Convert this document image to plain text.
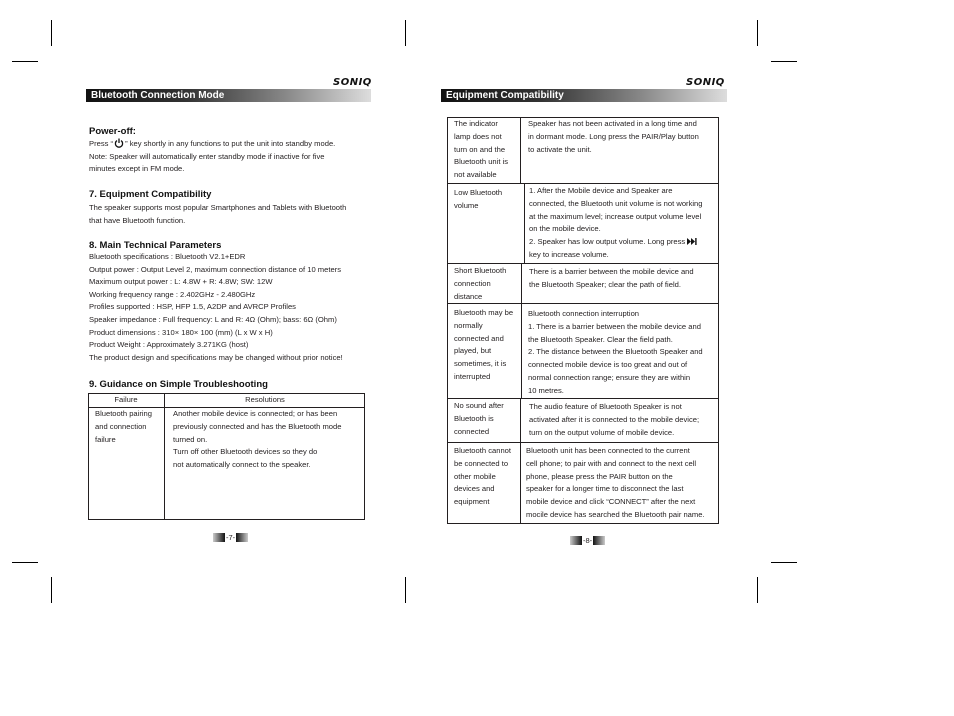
SONIQ
Bluetooth Connection Mode
Power-off:
Press “ ” key shortly in any functions to put the unit into standby mode.
Note: Speaker will automatically enter standby mode if inactive for five
minutes except in FM mode.
7. Equipment Compatibility
The speaker supports most popular Smartphones and Tablets with Bluetooth
that have Bluetooth function.
8. Main Technical Parameters
Bluetooth specifications : Bluetooth V2.1+EDR
Output power : Output Level 2, maximum connection distance of 10 meters
Maximum output power : L: 4.8W + R: 4.8W; SW: 12W
Working frequency range : 2.402GHz - 2.480GHz
Profiles supported : HSP, HFP 1.5, A2DP and AVRCP Profiles
Speaker impedance : Full frequency: L and R: 4Ω (Ohm); bass: 6Ω (Ohm)
Product dimensions : 310× 180× 100 (mm) (L x W x H)
Product Weight : Approximately 3.271KG (host)
The product design and specifications may be changed without prior notice!
9. Guidance on Simple Troubleshooting
Failure	Resolutions
Bluetooth pairing
and connection
failure
Another mobile device is connected; or has been
previously connected and has the Bluetooth mode
turned on.
Turn off other Bluetooth devices so they do
not automatically connect to the speaker.
-7-
SONIQ
Equipment Compatibility
The indicator
lamp does not
turn on and the
Bluetooth unit is
not available
Speaker has not been activated in a long time and
in dormant mode. Long press the PAIR/Play button
to activate the unit.
Low Bluetooth
volume
1. After the Mobile device and Speaker are
connected, the Bluetooth unit volume is not working
at the maximum level; increase output volume level
on the mobile device.
2. Speaker has low output volume. Long press
key to increase volume.
Short Bluetooth
connection
distance
There is a barrier between the mobile device and
the Bluetooth Speaker; clear the path of field.
Bluetooth may be
normally
connected and
played, but
sometimes, it is
interrupted
Bluetooth connection interruption
1. There is a barrier between the mobile device and
the Bluetooth Speaker. Clear the field path.
2. The distance between the Bluetooth Speaker and
connected mobile device is too great and out of
normal connection range; ensure they are within
10 metres.
No sound after
Bluetooth is
connected
The audio feature of Bluetooth Speaker is not
activated after it is connected to the mobile device;
turn on the output volume of mobile device.
Bluetooth cannot
be connected to
other mobile
devices and
equipment
Bluetooth unit has been connected to the current
cell phone; to pair with and connect to the next cell
phone, please press the PAIR button on the
speaker for a longer time to disconnect the last
mobile device and click “CONNECT” after the next
mocile device has searched the Bluetooth pair name.
-8-
